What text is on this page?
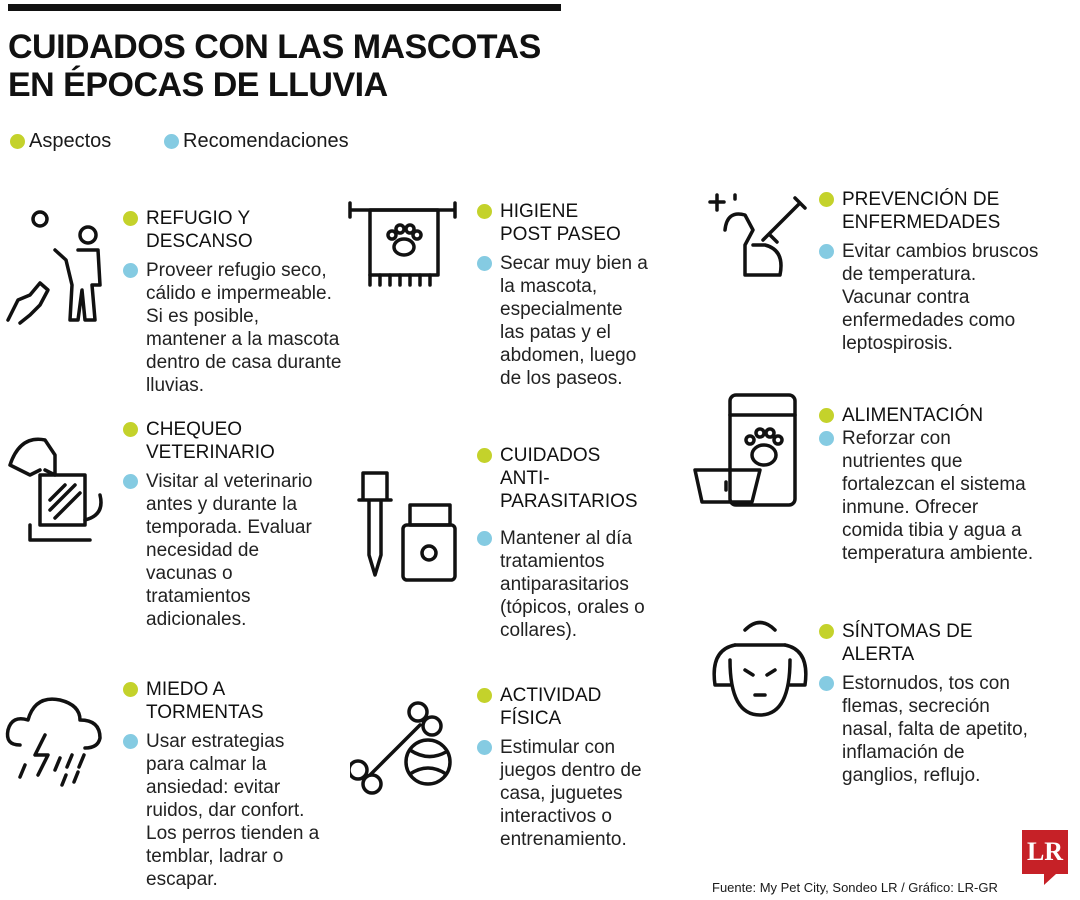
CUIDADOS CON LAS MASCOTAS
EN ÉPOCAS DE LLUVIA
Aspectos	Recomendaciones
REFUGIO Y DESCANSO
Proveer refugio seco, cálido e impermeable. Si es posible, mantener a la mascota dentro de casa durante lluvias.
CHEQUEO VETERINARIO
Visitar al veterinario antes y durante la temporada. Evaluar necesidad de vacunas o tratamientos adicionales.
MIEDO A TORMENTAS
Usar estrategias para calmar la ansiedad: evitar ruidos, dar confort. Los perros tienden a temblar, ladrar o escapar.
HIGIENE POST PASEO
Secar muy bien a la mascota, especialmente las patas y el abdomen, luego de los paseos.
CUIDADOS ANTI-PARASITARIOS
Mantener al día tratamientos antiparasitarios (tópicos, orales o collares).
ACTIVIDAD FÍSICA
Estimular con juegos dentro de casa, juguetes interactivos o entrenamiento.
PREVENCIÓN DE ENFERMEDADES
Evitar cambios bruscos de temperatura. Vacunar contra enfermedades como leptospirosis.
ALIMENTACIÓN
Reforzar con nutrientes que fortalezcan el sistema inmune. Ofrecer comida tibia y agua a temperatura ambiente.
SÍNTOMAS DE ALERTA
Estornudos, tos con flemas, secreción nasal, falta de apetito, inflamación de ganglios, reflujo.
Fuente: My Pet City, Sondeo LR / Gráfico: LR-GR
LR
